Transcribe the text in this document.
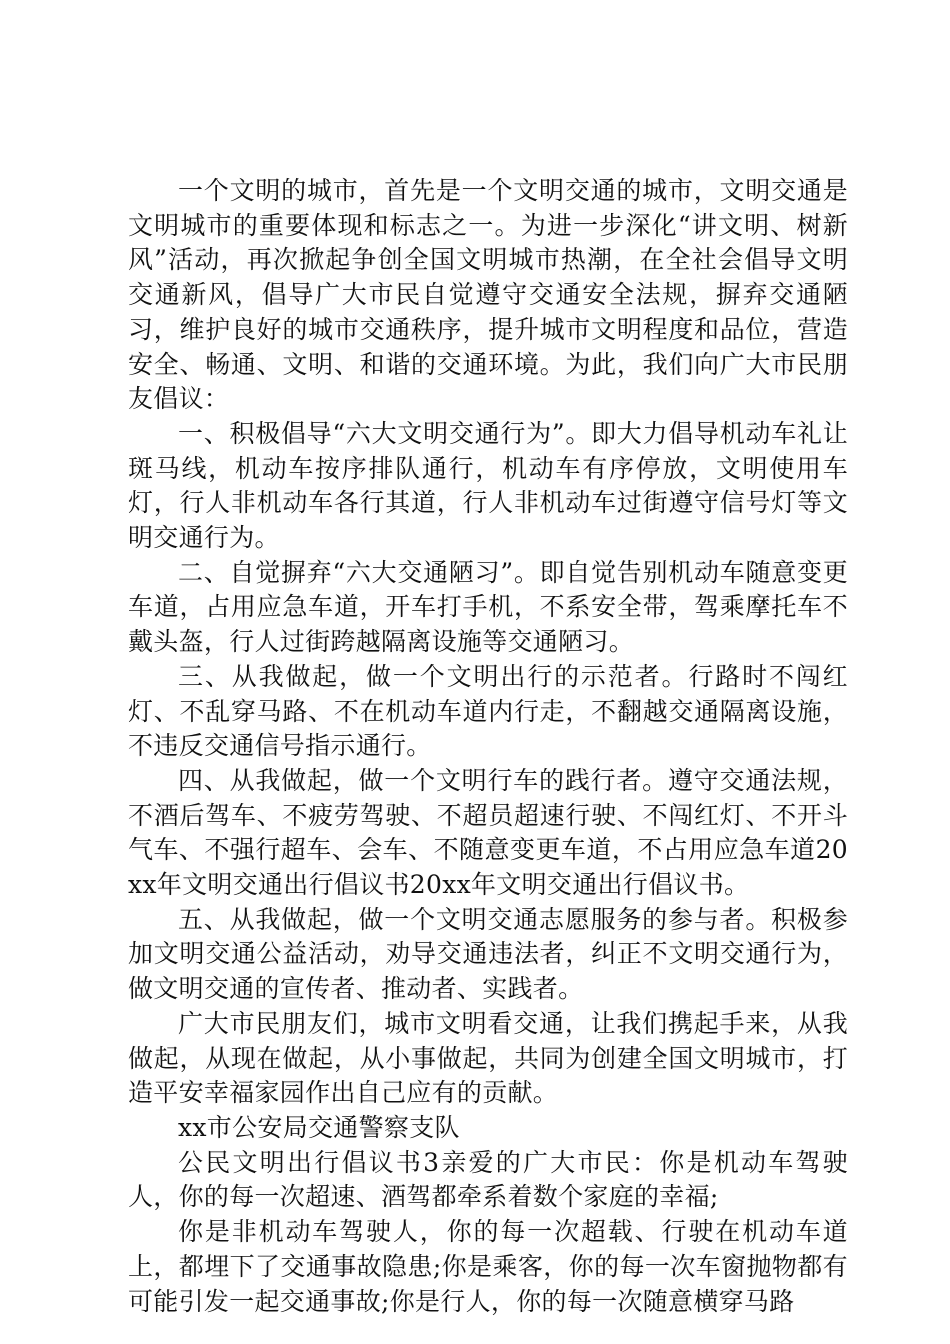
一个文明的城市，首先是一个文明交通的城市，文明交通是文明城市的重要体现和标志之一。为进一步深化“讲文明、树新风”活动，再次掀起争创全国文明城市热潮，在全社会倡导文明交通新风，倡导广大市民自觉遵守交通安全法规，摒弃交通陋习，维护良好的城市交通秩序，提升城市文明程度和品位，营造安全、畅通、文明、和谐的交通环境。为此，我们向广大市民朋友倡议：

一、积极倡导“六大文明交通行为”。即大力倡导机动车礼让斑马线，机动车按序排队通行，机动车有序停放，文明使用车灯，行人非机动车各行其道，行人非机动车过街遵守信号灯等文明交通行为。

二、自觉摒弃“六大交通陋习”。即自觉告别机动车随意变更车道，占用应急车道，开车打手机，不系安全带，驾乘摩托车不戴头盔，行人过街跨越隔离设施等交通陋习。

三、从我做起，做一个文明出行的示范者。行路时不闯红灯、不乱穿马路、不在机动车道内行走，不翻越交通隔离设施，不违反交通信号指示通行。

四、从我做起，做一个文明行车的践行者。遵守交通法规，不酒后驾车、不疲劳驾驶、不超员超速行驶、不闯红灯、不开斗气车、不强行超车、会车、不随意变更车道，不占用应急车道20xx年文明交通出行倡议书20xx年文明交通出行倡议书。

五、从我做起，做一个文明交通志愿服务的参与者。积极参加文明交通公益活动，劝导交通违法者，纠正不文明交通行为，做文明交通的宣传者、推动者、实践者。

广大市民朋友们，城市文明看交通，让我们携起手来，从我做起，从现在做起，从小事做起，共同为创建全国文明城市，打造平安幸福家园作出自己应有的贡献。

xx市公安局交通警察支队

公民文明出行倡议书3亲爱的广大市民：你是机动车驾驶人，你的每一次超速、酒驾都牵系着数个家庭的幸福;

你是非机动车驾驶人，你的每一次超载、行驶在机动车道上，都埋下了交通事故隐患;你是乘客，你的每一次车窗抛物都有可能引发一起交通事故;你是行人，你的每一次随意横穿马路
